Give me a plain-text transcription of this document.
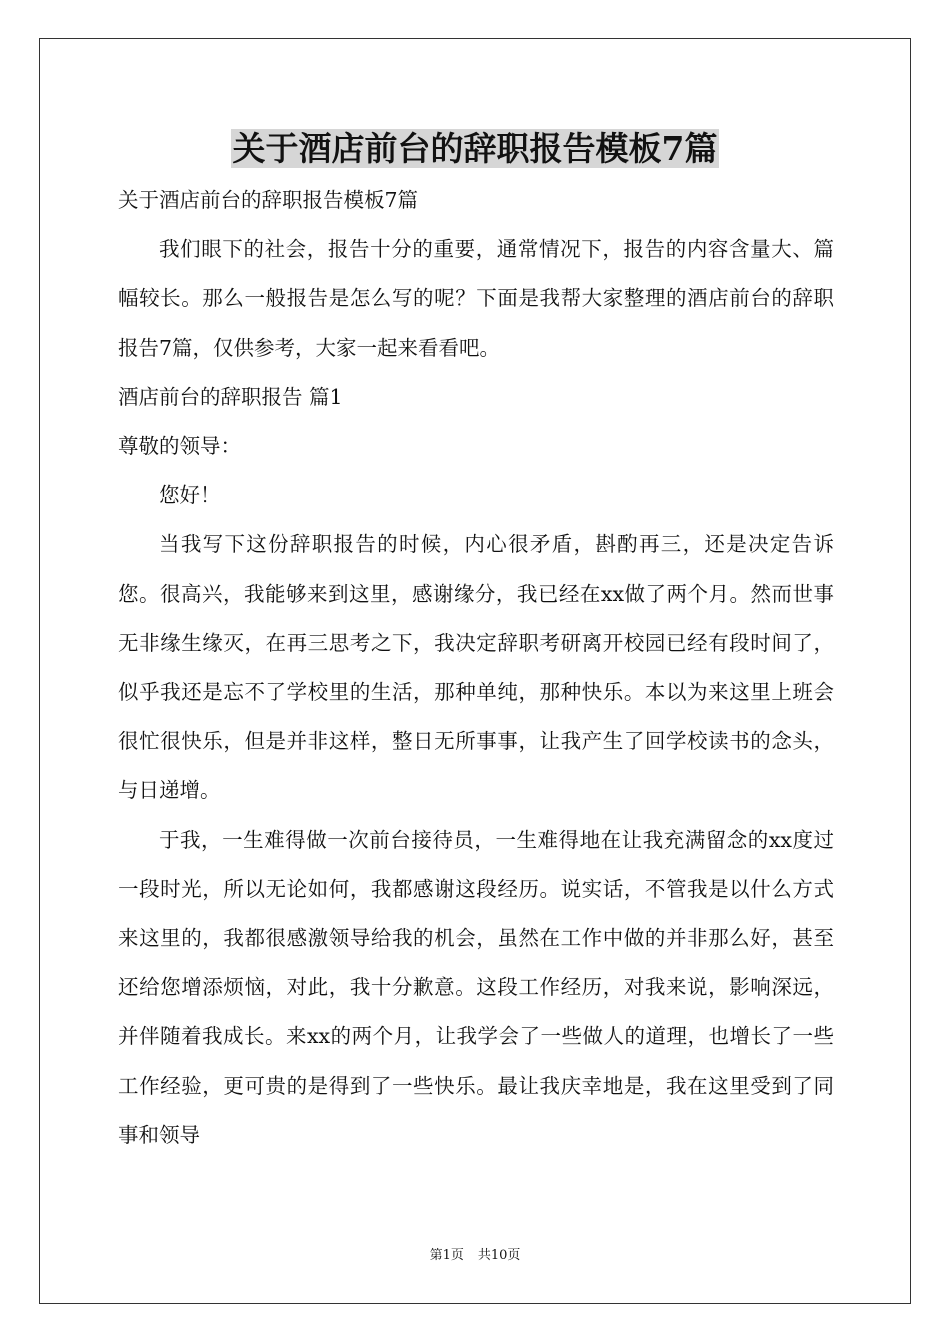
关于酒店前台的辞职报告模板7篇

关于酒店前台的辞职报告模板7篇

我们眼下的社会，报告十分的重要，通常情况下，报告的内容含量大、篇幅较长。那么一般报告是怎么写的呢？下面是我帮大家整理的酒店前台的辞职报告7篇，仅供参考，大家一起来看看吧。

酒店前台的辞职报告 篇1

尊敬的领导：

您好！

当我写下这份辞职报告的时候，内心很矛盾，斟酌再三，还是决定告诉您。很高兴，我能够来到这里，感谢缘分，我已经在xx做了两个月。然而世事无非缘生缘灭，在再三思考之下，我决定辞职考研离开校园已经有段时间了，似乎我还是忘不了学校里的生活，那种单纯，那种快乐。本以为来这里上班会很忙很快乐，但是并非这样，整日无所事事，让我产生了回学校读书的念头，与日递增。

于我，一生难得做一次前台接待员，一生难得地在让我充满留念的xx度过一段时光，所以无论如何，我都感谢这段经历。说实话，不管我是以什么方式来这里的，我都很感激领导给我的机会，虽然在工作中做的并非那么好，甚至还给您增添烦恼，对此，我十分歉意。这段工作经历，对我来说，影响深远，并伴随着我成长。来xx的两个月，让我学会了一些做人的道理，也增长了一些工作经验，更可贵的是得到了一些快乐。最让我庆幸地是，我在这里受到了同事和领导

第1页 共10页
